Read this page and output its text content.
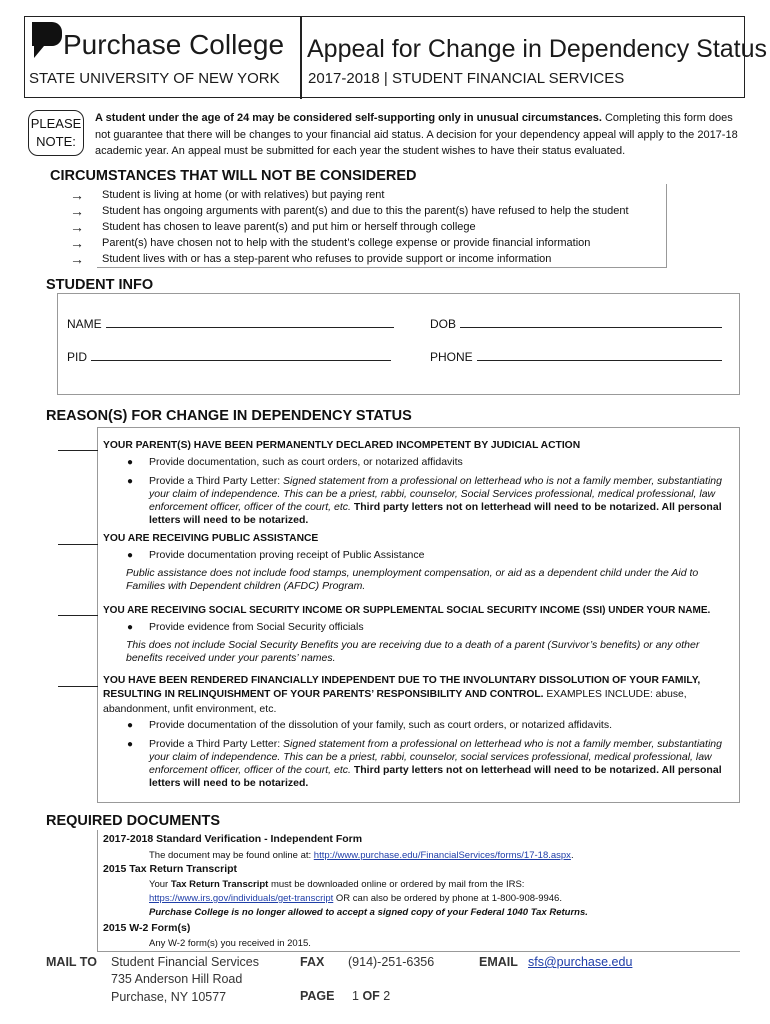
Purchase College
STATE UNIVERSITY OF NEW YORK
Appeal for Change in Dependency Status
2017-2018 | STUDENT FINANCIAL SERVICES
PLEASE
NOTE:
A student under the age of 24 may be considered self-supporting only in unusual circumstances. Completing this form does not guarantee that there will be changes to your financial aid status. A decision for your dependency appeal will apply to the 2017-18 academic year. An appeal must be submitted for each year the student wishes to have their status evaluated.
CIRCUMSTANCES THAT WILL NOT BE CONSIDERED
→ Student is living at home (or with relatives) but paying rent
→ Student has ongoing arguments with parent(s) and due to this the parent(s) have refused to help the student
→ Student has chosen to leave parent(s) and put him or herself through college
→ Parent(s) have chosen not to help with the student’s college expense or provide financial information
→ Student lives with or has a step-parent who refuses to provide support or income information
STUDENT INFO
NAME	DOB
PID	PHONE
REASON(S) FOR CHANGE IN DEPENDENCY STATUS
YOUR PARENT(S) HAVE BEEN PERMANENTLY DECLARED INCOMPETENT BY JUDICIAL ACTION
● Provide documentation, such as court orders, or notarized affidavits
● Provide a Third Party Letter: Signed statement from a professional on letterhead who is not a family member, substantiating your claim of independence. This can be a priest, rabbi, counselor, Social Services professional, medical professional, law enforcement officer, officer of the court, etc. Third party letters not on letterhead will need to be notarized. All personal letters will need to be notarized.
YOU ARE RECEIVING PUBLIC ASSISTANCE
● Provide documentation proving receipt of Public Assistance
Public assistance does not include food stamps, unemployment compensation, or aid as a dependent child under the Aid to Families with Dependent children (AFDC) Program.
YOU ARE RECEIVING SOCIAL SECURITY INCOME OR SUPPLEMENTAL SOCIAL SECURITY INCOME (SSI) UNDER YOUR NAME.
● Provide evidence from Social Security officials
This does not include Social Security Benefits you are receiving due to a death of a parent (Survivor’s benefits) or any other benefits received under your parents’ names.
YOU HAVE BEEN RENDERED FINANCIALLY INDEPENDENT DUE TO THE INVOLUNTARY DISSOLUTION OF YOUR FAMILY,
RESULTING IN RELINQUISHMENT OF YOUR PARENTS’ RESPONSIBILITY AND CONTROL. EXAMPLES INCLUDE: abuse,
abandonment, unfit environment, etc.
● Provide documentation of the dissolution of your family, such as court orders, or notarized affidavits.
● Provide a Third Party Letter: Signed statement from a professional on letterhead who is not a family member, substantiating your claim of independence. This can be a priest, rabbi, counselor, social services professional, medical professional, law enforcement officer, officer of the court, etc. Third party letters not on letterhead will need to be notarized. All personal letters will need to be notarized.
REQUIRED DOCUMENTS
2017-2018 Standard Verification - Independent Form
The document may be found online at: http://www.purchase.edu/FinancialServices/forms/17-18.aspx.
2015 Tax Return Transcript
Your Tax Return Transcript must be downloaded online or ordered by mail from the IRS:
https://www.irs.gov/individuals/get-transcript OR can also be ordered by phone at 1-800-908-9946.
Purchase College is no longer allowed to accept a signed copy of your Federal 1040 Tax Returns.
2015 W-2 Form(s)
Any W-2 form(s) you received in 2015.
MAIL TO Student Financial Services
735 Anderson Hill Road
Purchase, NY 10577
FAX (914)-251-6356	EMAIL sfs@purchase.edu
PAGE 1 OF 2
